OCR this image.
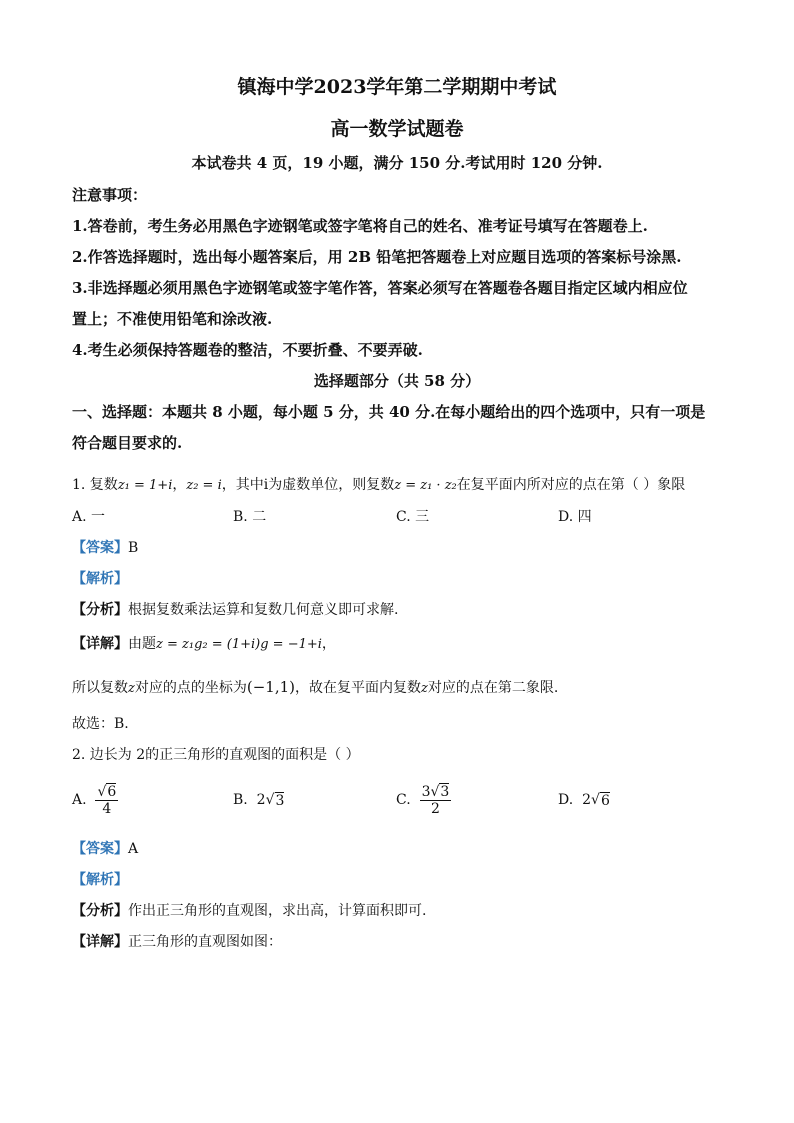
镇海中学2023学年第二学期期中考试
高一数学试题卷
本试卷共 4 页，19 小题，满分 150 分.考试用时 120 分钟.
注意事项：
1.答卷前，考生务必用黑色字迹钢笔或签字笔将自己的姓名、准考证号填写在答题卷上.
2.作答选择题时，选出每小题答案后，用 2B 铅笔把答题卷上对应题目选项的答案标号涂黑.
3.非选择题必须用黑色字迹钢笔或签字笔作答，答案必须写在答题卷各题目指定区域内相应位
置上；不准使用铅笔和涂改液.
4.考生必须保持答题卷的整洁，不要折叠、不要弄破.
选择题部分（共 58 分）
一、选择题：本题共 8 小题，每小题 5 分，共 40 分.在每小题给出的四个选项中，只有一项是
符合题目要求的.
1. 复数z₁ = 1+i，z₂ = i，其中i为虚数单位，则复数z = z₁ · z₂在复平面内所对应的点在第（ ）象限
A. 一	B. 二	C. 三	D. 四
【答案】B
【解析】
【分析】根据复数乘法运算和复数几何意义即可求解.
【详解】由题z = z₁g₂ = (1+i)g = −1+i，
所以复数z对应的点的坐标为(−1,1)，故在复平面内复数z对应的点在第二象限.
故选：B.
2. 边长为 2的正三角形的直观图的面积是（ ）
A.
$\frac{√6}{4}$	B.
2 √ 3	C.
$\frac{3√3}{2}$	D.
2 √ 6
【答案】A
【解析】
【分析】作出正三角形的直观图，求出高，计算面积即可.
【详解】正三角形的直观图如图：
